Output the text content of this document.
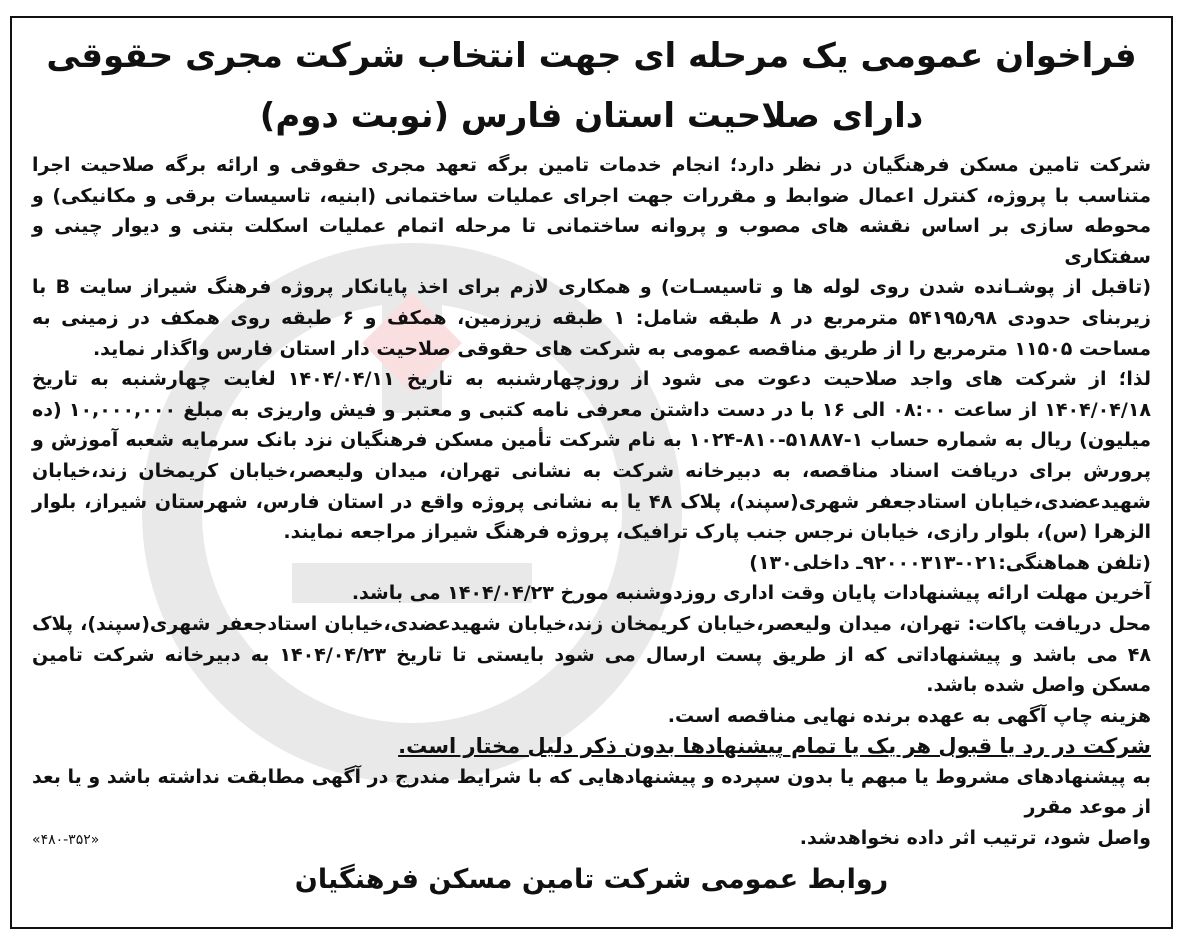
فراخوان عمومی یک مرحله ای جهت انتخاب شرکت مجری حقوقی
دارای صلاحیت استان فارس (نوبت دوم)

شرکت تامین مسکن فرهنگیان در نظر دارد؛ انجام خدمات تامین برگه تعهد مجری حقوقی و ارائه برگه صلاحیت اجرا متناسب با پروژه، کنترل اعمال ضوابط و مقررات جهت اجرای عملیات ساختمانی (ابنیه، تاسیسات برقی و مکانیکی) و محوطه سازی بر اساس نقشه های مصوب و پروانه ساختمانی تا مرحله اتمام عملیات اسکلت بتنی و دیوار چینی و سفتکاری

(تاقبل از پوشـانده شدن روی لوله ها و تاسیسـات) و همکاری لازم برای اخذ پایانکار پروژه فرهنگ شیراز سایت B با زیربنای حدودی ۵۴۱۹۵٫۹۸ مترمربع در ۸ طبقه شامل: ۱ طبقه زیرزمین، همکف و ۶ طبقه روی همکف در زمینی به مساحت ۱۱۵۰۵ مترمربع را از طریق مناقصه عمومی به شرکت های حقوقی صلاحیت دار استان فارس واگذار نماید.

لذا؛ از شرکت های واجد صلاحیت دعوت می شود از روزچهارشنبه به تاریخ ۱۴۰۴/۰۴/۱۱ لغایت چهارشنبه به تاریخ ۱۴۰۴/۰۴/۱۸ از ساعت ۰۸:۰۰ الی ۱۶ با در دست داشتن معرفی نامه کتبی و معتبر و فیش واریزی به مبلغ ۱۰,۰۰۰,۰۰۰ (ده میلیون) ریال به شماره حساب ۱-۵۱۸۸۷-۸۱۰-۱۰۲۴ به نام شرکت تأمین مسکن فرهنگیان نزد بانک سرمایه شعبه آموزش و پرورش برای دریافت اسناد مناقصه، به دبیرخانه شرکت به نشانی تهران، میدان ولیعصر،خیابان کریمخان زند،خیابان شهیدعضدی،خیابان استادجعفر شهری(سپند)، پلاک ۴۸ یا به نشانی پروژه واقع در استان فارس، شهرستان شیراز، بلوار الزهرا (س)، بلوار رازی، خیابان نرجس جنب پارک ترافیک، پروژه فرهنگ شیراز مراجعه نمایند.

(تلفن هماهنگی:۰۲۱-۹۲۰۰۰۳۱۳ـ داخلی۱۳۰)

آخرین مهلت ارائه پیشنهادات پایان وقت اداری روزدوشنبه مورخ ۱۴۰۴/۰۴/۲۳ می باشد.

محل دریافت پاکات: تهران، میدان ولیعصر،خیابان کریمخان زند،خیابان شهیدعضدی،خیابان استادجعفر شهری(سپند)، پلاک ۴۸ می باشد و پیشنهاداتی که از طریق پست ارسال می شود بایستی تا تاریخ ۱۴۰۴/۰۴/۲۳ به دبیرخانه شرکت تامین مسکن واصل شده باشد.

هزینه چاپ آگهی به عهده برنده نهایی مناقصه است.

شرکت در رد یا قبول هر یک یا تمام پیشنهادها بدون ذکر دلیل مختار است.

به پیشنهادهای مشروط یا مبهم یا بدون سپرده و پیشنهادهایی که با شرایط مندرج در آگهی مطابقت نداشته باشد و یا بعد از موعد مقرر

واصل شود، ترتیب اثر داده نخواهدشد.
«۴۸۰-۳۵۲»
روابط عمومی شرکت تامین مسکن فرهنگیان
